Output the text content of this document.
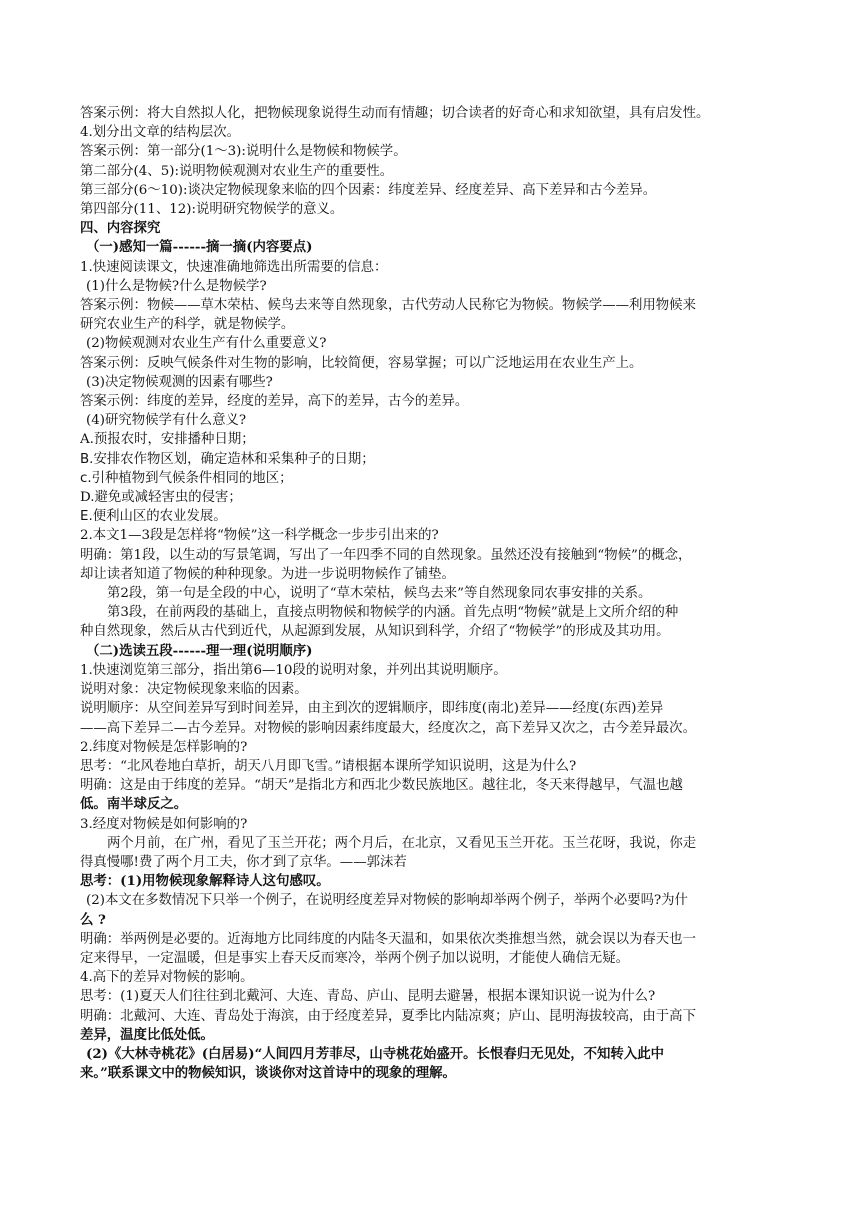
答案示例：将大自然拟人化，把物候现象说得生动而有情趣；切合读者的好奇心和求知欲望，具有启发性。
4.划分出文章的结构层次。
答案示例：第一部分(1～3):说明什么是物候和物候学。
第二部分(4、5):说明物候观测对农业生产的重要性。
第三部分(6～10):谈决定物候现象来临的四个因素：纬度差异、经度差异、高下差异和古今差异。
第四部分(11、12):说明研究物候学的意义。
四、内容探究
（一)感知一篇------摘一摘(内容要点)
1.快速阅读课文，快速准确地筛选出所需要的信息：
(1)什么是物候?什么是物候学?
答案示例：物候——草木荣枯、候鸟去来等自然现象，古代劳动人民称它为物候。物候学——利用物候来
研究农业生产的科学，就是物候学。
(2)物候观测对农业生产有什么重要意义?
答案示例：反映气候条件对生物的影响，比较简便，容易掌握；可以广泛地运用在农业生产上。
(3)决定物候观测的因素有哪些?
答案示例：纬度的差异，经度的差异，高下的差异，古今的差异。
(4)研究物候学有什么意义?
A.预报农时，安排播种日期；
B.安排农作物区划，确定造林和采集种子的日期；
c.引种植物到气候条件相同的地区；
D.避免或减轻害虫的侵害；
E.便利山区的农业发展。
2.本文1—3段是怎样将“物候”这一科学概念一步步引出来的?
明确：第1段，以生动的写景笔调，写出了一年四季不同的自然现象。虽然还没有接触到“物候”的概念，
却让读者知道了物候的种种现象。为进一步说明物候作了铺垫。
第2段，第一句是全段的中心，说明了“草木荣枯，候鸟去来”等自然现象同农事安排的关系。
第3段，在前两段的基础上，直接点明物候和物候学的内涵。首先点明“物候”就是上文所介绍的种
种自然现象，然后从古代到近代，从起源到发展，从知识到科学，介绍了“物候学”的形成及其功用。
（二)选读五段------理一理(说明顺序)
1.快速浏览第三部分，指出第6—10段的说明对象，并列出其说明顺序。
说明对象：决定物候现象来临的因素。
说明顺序：从空间差异写到时间差异，由主到次的逻辑顺序，即纬度(南北)差异——经度(东西)差异
——高下差异二—古今差异。对物候的影响因素纬度最大，经度次之，高下差异又次之，古今差异最次。
2.纬度对物候是怎样影响的?
思考：“北风卷地白草折，胡天八月即飞雪。”请根据本课所学知识说明，这是为什么?
明确：这是由于纬度的差异。“胡天”是指北方和西北少数民族地区。越往北，冬天来得越早，气温也越
低。南半球反之。
3.经度对物候是如何影响的?
两个月前，在广州，看见了玉兰开花；两个月后，在北京，又看见玉兰开花。玉兰花呀，我说，你走
得真慢哪!费了两个月工夫，你才到了京华。——郭沫若
思考：(1)用物候现象解释诗人这句感叹。
(2)本文在多数情况下只举一个例子，在说明经度差异对物候的影响却举两个例子，举两个必要吗?为什
么 ?
明确：举两例是必要的。近海地方比同纬度的内陆冬天温和，如果依次类推想当然，就会误以为春天也一
定来得早，一定温暖，但是事实上春天反而寒冷，举两个例子加以说明，才能使人确信无疑。
4.高下的差异对物候的影响。
思考：(1)夏天人们往往到北戴河、大连、青岛、庐山、昆明去避暑，根据本课知识说一说为什么?
明确：北戴河、大连、青岛处于海滨，由于经度差异，夏季比内陆凉爽；庐山、昆明海拔较高，由于高下
差异，温度比低处低。
(2)《大林寺桃花》(白居易)“人间四月芳菲尽，山寺桃花始盛开。长恨春归无见处，不知转入此中
来。”联系课文中的物候知识，谈谈你对这首诗中的现象的理解。
